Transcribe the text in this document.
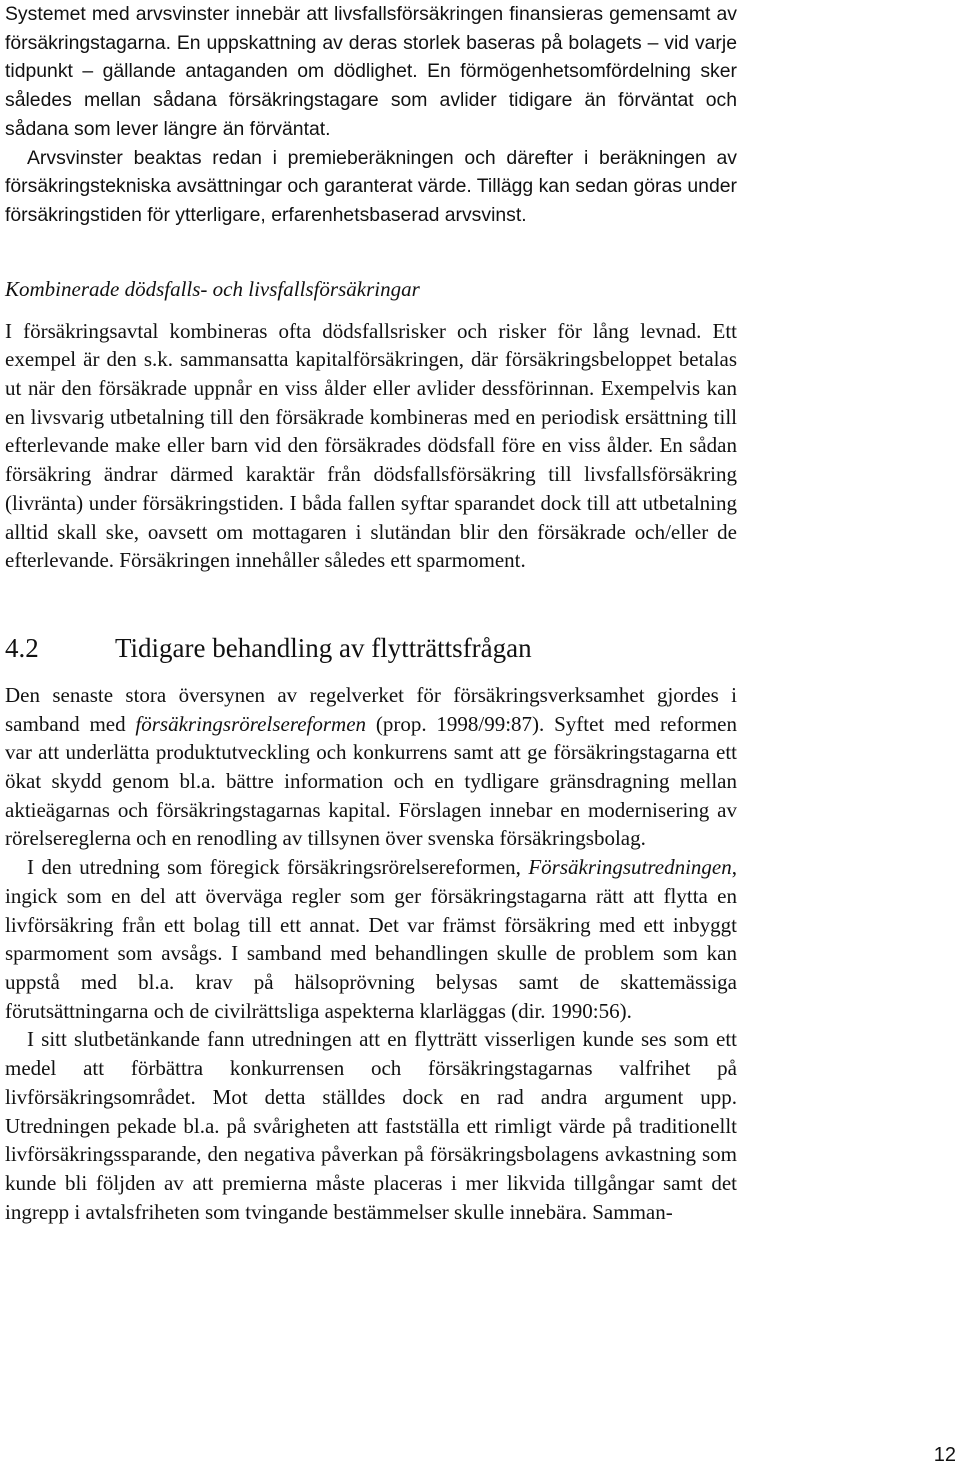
Systemet med arvsvinster innebär att livsfallsförsäkringen finansieras gemensamt av försäkringstagarna. En uppskattning av deras storlek baseras på bolagets – vid varje tidpunkt – gällande antaganden om dödlighet. En förmögenhetsomfördelning sker således mellan sådana försäkringstagare som avlider tidigare än förväntat och sådana som lever längre än förväntat.

Arvsvinster beaktas redan i premieberäkningen och därefter i beräkningen av försäkringstekniska avsättningar och garanterat värde. Tillägg kan sedan göras under försäkringstiden för ytterligare, erfarenhetsbaserad arvsvinst.

Kombinerade dödsfalls- och livsfallsförsäkringar

I försäkringsavtal kombineras ofta dödsfallsrisker och risker för lång levnad. Ett exempel är den s.k. sammansatta kapitalförsäkringen, där försäkringsbeloppet betalas ut när den försäkrade uppnår en viss ålder eller avlider dessförinnan. Exempelvis kan en livsvarig utbetalning till den försäkrade kombineras med en periodisk ersättning till efterlevande make eller barn vid den försäkrades dödsfall före en viss ålder. En sådan försäkring ändrar därmed karaktär från dödsfallsförsäkring till livsfallsförsäkring (livränta) under försäkringstiden. I båda fallen syftar sparandet dock till att utbetalning alltid skall ske, oavsett om mottagaren i slutändan blir den försäkrade och/eller de efterlevande. Försäkringen innehåller således ett sparmoment.

4.2	Tidigare behandling av flytträttsfrågan

Den senaste stora översynen av regelverket för försäkringsverksamhet gjordes i samband med försäkringsrörelsereformen (prop. 1998/99:87). Syftet med reformen var att underlätta produktutveckling och konkurrens samt att ge försäkringstagarna ett ökat skydd genom bl.a. bättre information och en tydligare gränsdragning mellan aktieägarnas och försäkringstagarnas kapital. Förslagen innebar en modernisering av rörelsereglerna och en renodling av tillsynen över svenska försäkringsbolag.

I den utredning som föregick försäkringsrörelsereformen, Försäkringsutredningen, ingick som en del att överväga regler som ger försäkringstagarna rätt att flytta en livförsäkring från ett bolag till ett annat. Det var främst försäkring med ett inbyggt sparmoment som avsågs. I samband med behandlingen skulle de problem som kan uppstå med bl.a. krav på hälsoprövning belysas samt de skattemässiga förutsättningarna och de civilrättsliga aspekterna klarläggas (dir. 1990:56).

I sitt slutbetänkande fann utredningen att en flytträtt visserligen kunde ses som ett medel att förbättra konkurrensen och försäkringstagarnas valfrihet på livförsäkringsområdet. Mot detta ställdes dock en rad andra argument upp. Utredningen pekade bl.a. på svårigheten att fastställa ett rimligt värde på traditionellt livförsäkringssparande, den negativa påverkan på försäkringsbolagens avkastning som kunde bli följden av att premierna måste placeras i mer likvida tillgångar samt det ingrepp i avtalsfriheten som tvingande bestämmelser skulle innebära. Samman-

12
